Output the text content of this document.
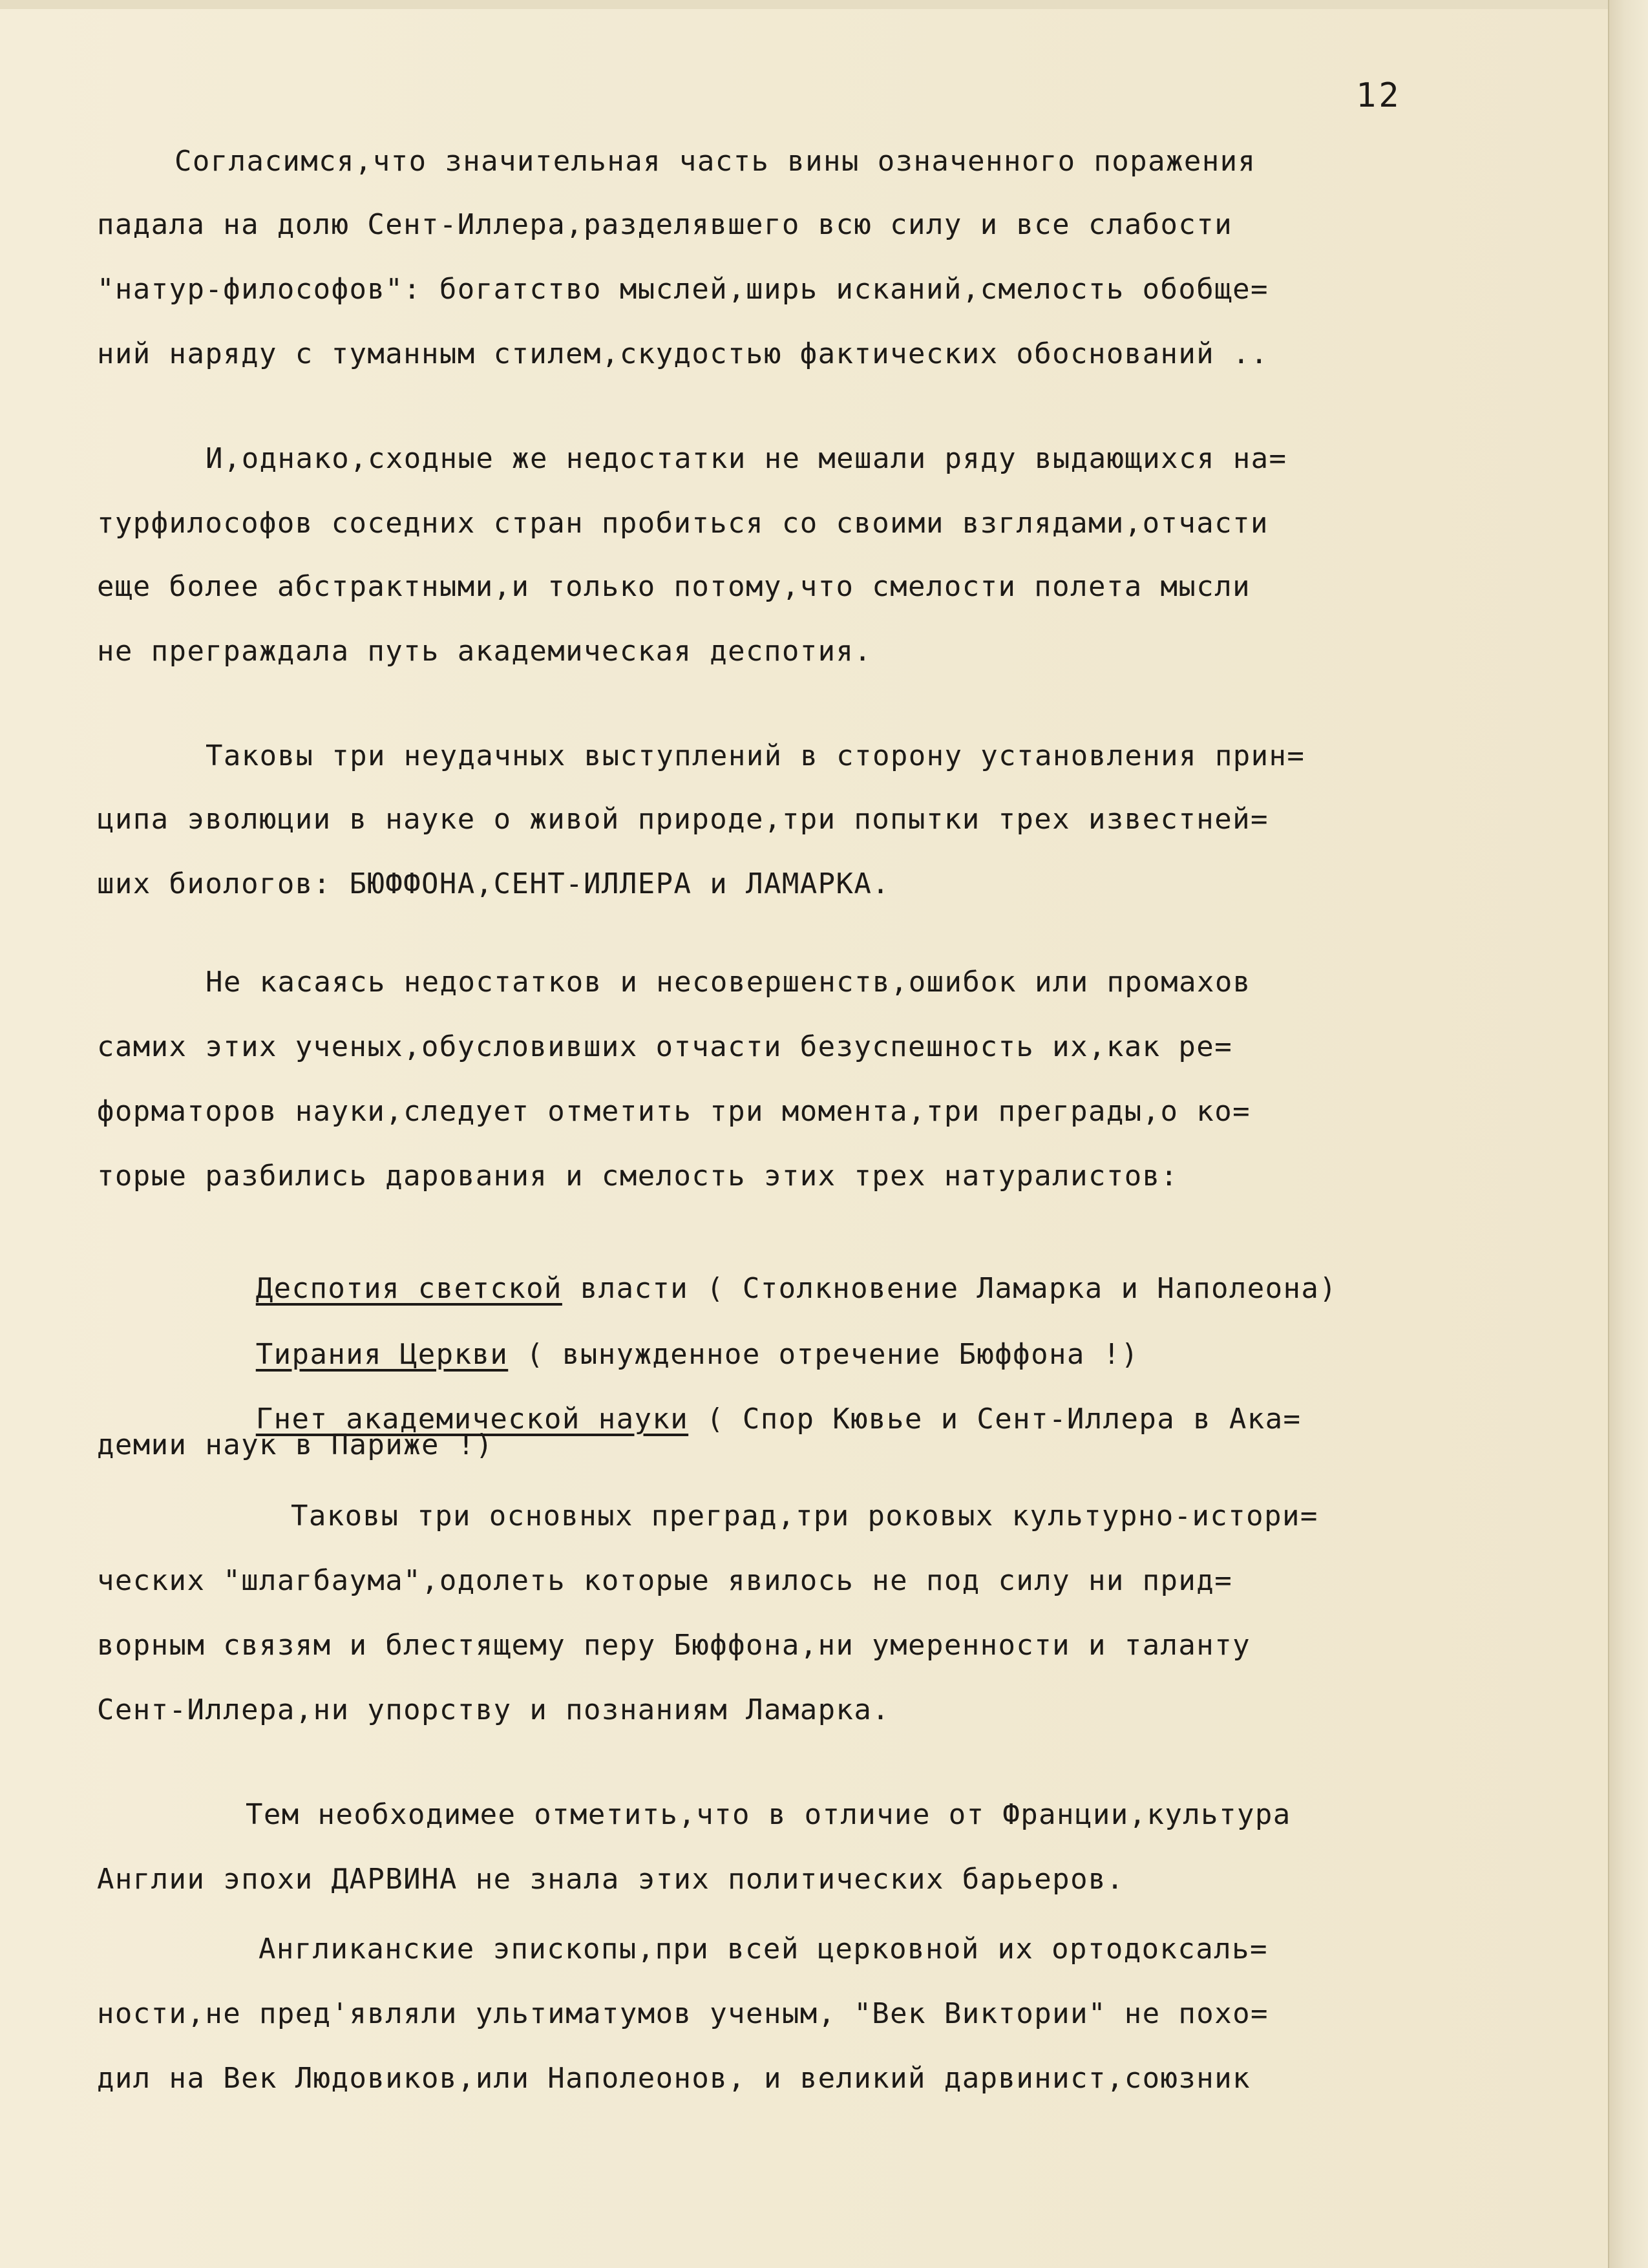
12
Согласимся,что значительная часть вины означенного поражения
падала на долю Сент-Иллера,разделявшего всю силу и все слабости
"натур-философов": богатство мыслей,ширь исканий,смелость обобще=
ний наряду с туманным стилем,скудостью фактических обоснований ..
И,однако,сходные же недостатки не мешали ряду выдающихся на=
турфилософов соседних стран пробиться со своими взглядами,отчасти
еще более абстрактными,и только потому,что смелости полета мысли
не преграждала путь академическая деспотия.
Таковы три неудачных выступлений в сторону установления прин=
ципа эволюции в науке о живой природе,три попытки трех известней=
ших биологов: БЮФФОНА,СЕНТ-ИЛЛЕРА и ЛАМАРКА.
Не касаясь недостатков и несовершенств,ошибок или промахов
самих этих ученых,обусловивших отчасти безуспешность их,как ре=
форматоров науки,следует отметить три момента,три преграды,о ко=
торые разбились дарования и смелость этих трех натуралистов:

Деспотия светской власти ( Столкновение Ламарка и Наполеона)

Тирания Церкви ( вынужденное отречение Бюффона !)

Гнет академической науки ( Спор Кювье и Сент-Иллера в Ака=

демии наук в Париже !)
Таковы три основных преград,три роковых культурно-истори=
ческих "шлагбаума",одолеть которые явилось не под силу ни прид=
ворным связям и блестящему перу Бюффона,ни умеренности и таланту
Сент-Иллера,ни упорству и познаниям Ламарка.
Тем необходимее отметить,что в отличие от Франции,культура
Англии эпохи ДАРВИНА не знала этих политических барьеров.
Англиканские эпископы,при всей церковной их ортодоксаль=
ности,не пред'являли ультиматумов ученым, "Век Виктории" не похо=
дил на Век Людовиков,или Наполеонов, и великий дарвинист,союзник
